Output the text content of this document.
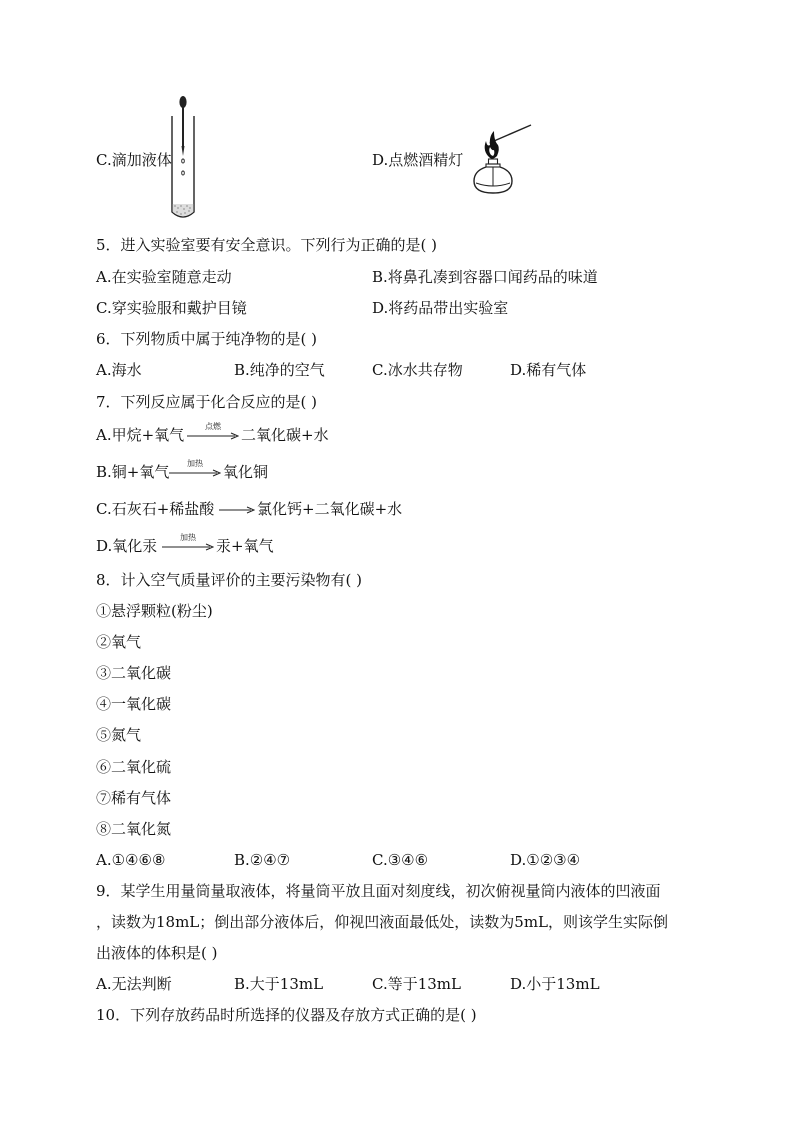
C.滴加液体	D.点燃酒精灯
5．进入实验室要有安全意识。下列行为正确的是( )
A.在实验室随意走动	B.将鼻孔凑到容器口闻药品的味道
C.穿实验服和戴护目镜	D.将药品带出实验室
6．下列物质中属于纯净物的是( )
A.海水	B.纯净的空气	C.冰水共存物	D.稀有气体
7．下列反应属于化合反应的是( )
A.甲烷+氧气	点燃	二氧化碳+水
B.铜+氧气	加热	氧化铜
C.石灰石+稀盐酸	氯化钙+二氧化碳+水
D.氧化汞	加热	汞+氧气
8．计入空气质量评价的主要污染物有( )
①悬浮颗粒(粉尘)
②氧气
③二氧化碳
④一氧化碳
⑤氮气
⑥二氧化硫
⑦稀有气体
⑧二氧化氮
A.①④⑥⑧	B.②④⑦	C.③④⑥	D.①②③④
9．某学生用量筒量取液体，将量筒平放且面对刻度线，初次俯视量筒内液体的凹液面
，读数为18mL；倒出部分液体后，仰视凹液面最低处，读数为5mL，则该学生实际倒
出液体的体积是( )
A.无法判断	B.大于13mL	C.等于13mL	D.小于13mL
10．下列存放药品时所选择的仪器及存放方式正确的是( )
